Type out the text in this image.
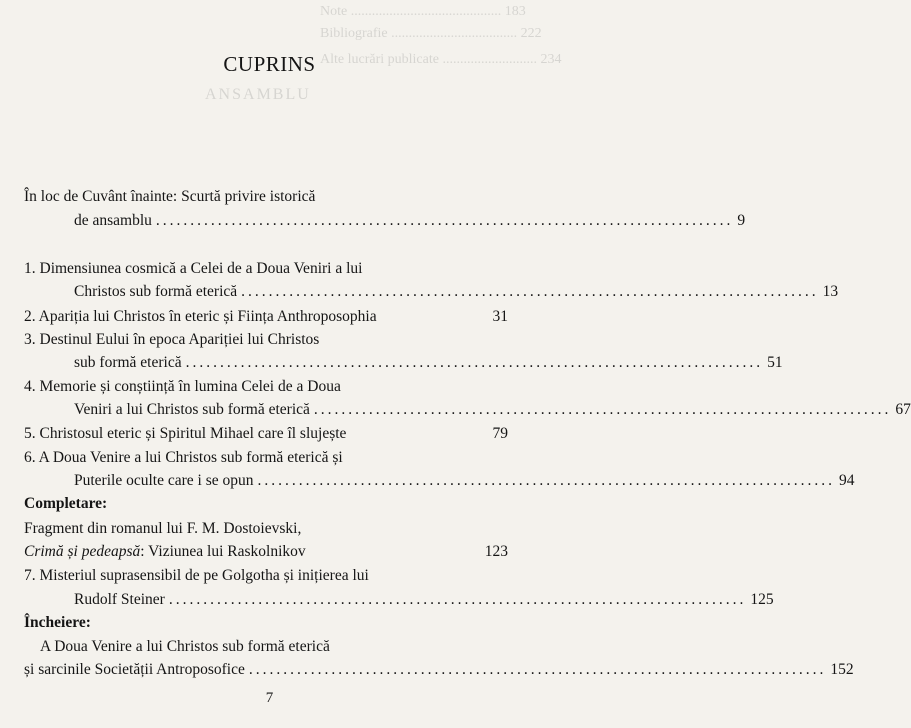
Note ........................................... 183
Bibliografie .................................... 222
Alte lucrări publicate ........................... 234
ANSAMBLU
CUPRINS
În loc de Cuvânt înainte: Scurtă privire istorică
de ansamblu .................................................................................... 9
1. Dimensiunea cosmică a Celei de a Doua Veniri a lui
Christos sub formă eterică .................................................................................... 13
2. Apariția lui Christos în eteric și Ființa Anthroposophia	31
3. Destinul Eului în epoca Apariției lui Christos
sub formă eterică .................................................................................... 51
4. Memorie și conștiință în lumina Celei de a Doua
Veniri a lui Christos sub formă eterică .................................................................................... 67
5. Christosul eteric și Spiritul Mihael care îl slujește	79
6. A Doua Venire a lui Christos sub formă eterică și
Puterile oculte care i se opun .................................................................................... 94
Completare:
Fragment din romanul lui F. M. Dostoievski,
Crimă și pedeapsă: Viziunea lui Raskolnikov	123
7. Misteriul suprasensibil de pe Golgotha și inițierea lui
Rudolf Steiner .................................................................................... 125
Încheiere:
A Doua Venire a lui Christos sub formă eterică
și sarcinile Societății Antroposofice .................................................................................... 152
7
